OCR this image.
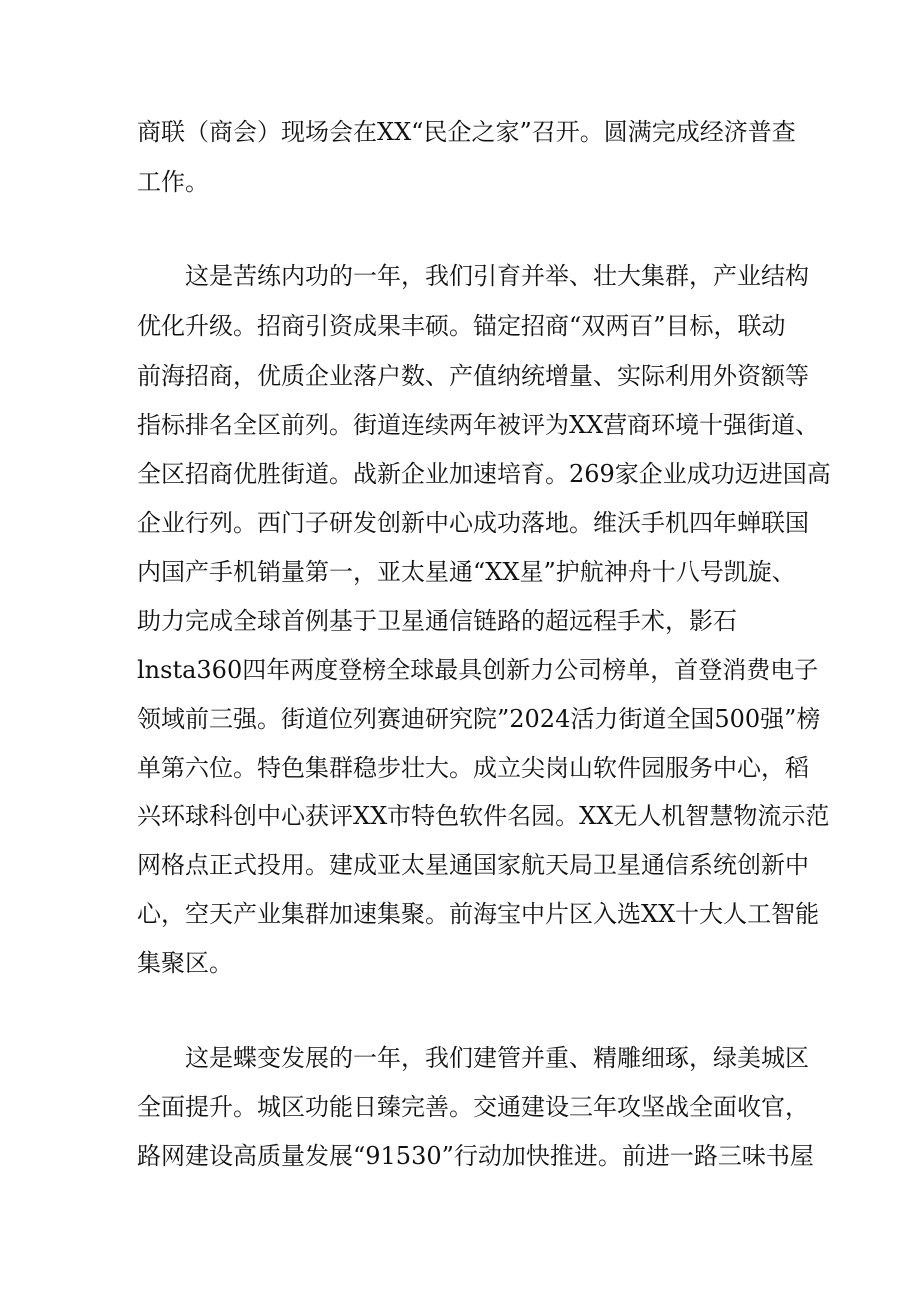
商联（商会）现场会在XX“民企之家”召开。圆满完成经济普查
工作。
这是苦练内功的一年，我们引育并举、壮大集群，产业结构
优化升级。招商引资成果丰硕。锚定招商“双两百”目标，联动
前海招商，优质企业落户数、产值纳统增量、实际利用外资额等
指标排名全区前列。街道连续两年被评为XX营商环境十强街道、
全区招商优胜街道。战新企业加速培育。269家企业成功迈进国高
企业行列。西门子研发创新中心成功落地。维沃手机四年蝉联国
内国产手机销量第一，亚太星通“XX星”护航神舟十八号凯旋、
助力完成全球首例基于卫星通信链路的超远程手术，影石
lnsta360四年两度登榜全球最具创新力公司榜单，首登消费电子
领域前三强。街道位列赛迪研究院”2024活力街道全国500强”榜
单第六位。特色集群稳步壮大。成立尖岗山软件园服务中心，稻
兴环球科创中心获评XX市特色软件名园。XX无人机智慧物流示范
网格点正式投用。建成亚太星通国家航天局卫星通信系统创新中
心，空天产业集群加速集聚。前海宝中片区入选XX十大人工智能
集聚区。
这是蝶变发展的一年，我们建管并重、精雕细琢，绿美城区
全面提升。城区功能日臻完善。交通建设三年攻坚战全面收官，
路网建设高质量发展“91530”行动加快推进。前进一路三味书屋
